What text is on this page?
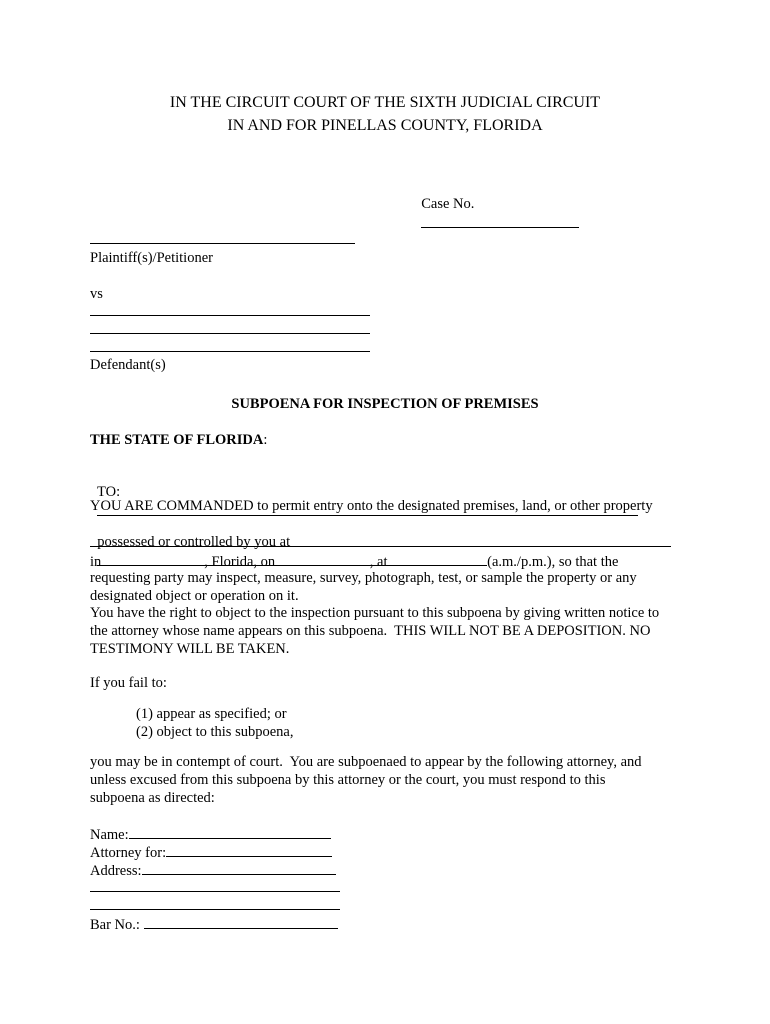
IN THE CIRCUIT COURT OF THE SIXTH JUDICIAL CIRCUIT
IN AND FOR PINELLAS COUNTY, FLORIDA

Case No.

Plaintiff(s)/Petitioner
vs
Defendant(s)
SUBPOENA FOR INSPECTION OF PREMISES
THE STATE OF FLORIDA:

TO:

YOU ARE COMMANDED to permit entry onto the designated premises, land, or other property

possessed or controlled by you at

in	, Florida, on	, at	(a.m./p.m.), so that the
requesting party may inspect, measure, survey, photograph, test, or sample the property or any
designated object or operation on it.
You have the right to object to the inspection pursuant to this subpoena by giving written notice to
the attorney whose name appears on this subpoena.  THIS WILL NOT BE A DEPOSITION. NO
TESTIMONY WILL BE TAKEN.
If you fail to:
(1) appear as specified; or
(2) object to this subpoena,
you may be in contempt of court.  You are subpoenaed to appear by the following attorney, and
unless excused from this subpoena by this attorney or the court, you must respond to this
subpoena as directed:
Name:
Attorney for:
Address:
Bar No.:
